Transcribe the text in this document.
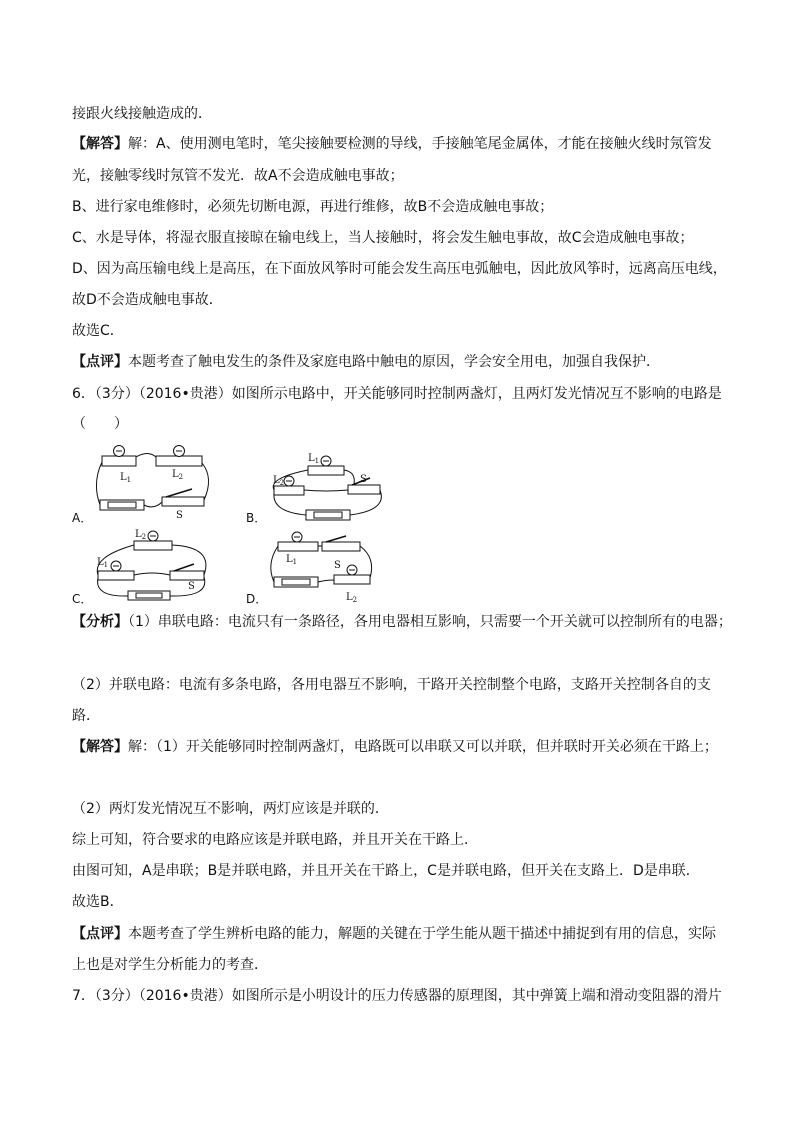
接跟火线接触造成的．
【解答】解：A、使用测电笔时，笔尖接触要检测的导线，手接触笔尾金属体，才能在接触火线时氖管发
光，接触零线时氖管不发光．故A不会造成触电事故；
B、进行家电维修时，必须先切断电源，再进行维修，故B不会造成触电事故；
C、水是导体，将湿衣服直接晾在输电线上，当人接触时，将会发生触电事故，故C会造成触电事故；
D、因为高压输电线上是高压，在下面放风筝时可能会发生高压电弧触电，因此放风筝时，远离高压电线，
故D不会造成触电事故．
故选C．
【点评】本题考查了触电发生的条件及家庭电路中触电的原因，学会安全用电，加强自我保护．
6．（3分）（2016•贵港）如图所示电路中，开关能够同时控制两盏灯，且两灯发光情况互不影响的电路是
（　　）
A．	B．
C．	D．
$L_1$	$L_2$
S
$L_1$
$L_2$	S
$L_2$
$L_1$
S
$L_1$	S
$L_2$
【分析】（1）串联电路：电流只有一条路径，各用电器相互影响，只需要一个开关就可以控制所有的电器；
（2）并联电路：电流有多条电路，各用电器互不影响，干路开关控制整个电路，支路开关控制各自的支
路．
【解答】解：（1）开关能够同时控制两盏灯，电路既可以串联又可以并联，但并联时开关必须在干路上；
（2）两灯发光情况互不影响，两灯应该是并联的．
综上可知，符合要求的电路应该是并联电路，并且开关在干路上．
由图可知，A是串联；B是并联电路，并且开关在干路上，C是并联电路，但开关在支路上．D是串联．
故选B．
【点评】本题考查了学生辨析电路的能力，解题的关键在于学生能从题干描述中捕捉到有用的信息，实际
上也是对学生分析能力的考查．
7．（3分）（2016•贵港）如图所示是小明设计的压力传感器的原理图，其中弹簧上端和滑动变阻器的滑片
